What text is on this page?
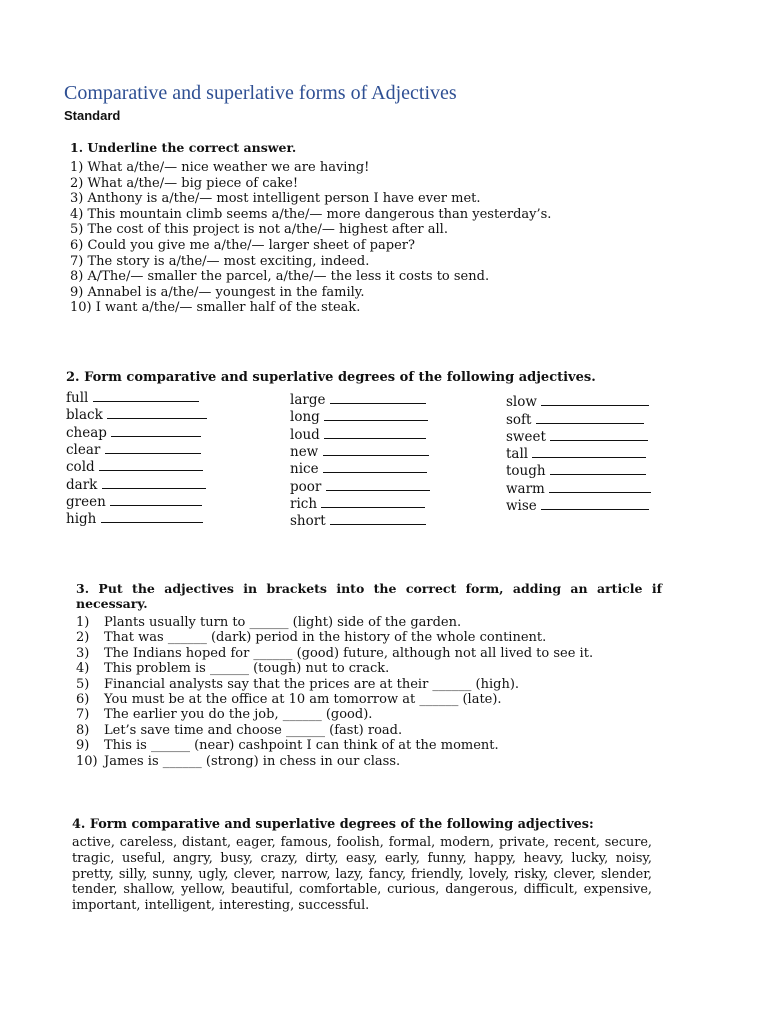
Comparative and superlative forms of Adjectives
Standard
1. Underline the correct answer.
1) What a/the/— nice weather we are having!
2) What a/the/— big piece of cake!
3) Anthony is a/the/— most intelligent person I have ever met.
4) This mountain climb seems a/the/— more dangerous than yesterday’s.
5) The cost of this project is not a/the/— highest after all.
6) Could you give me a/the/— larger sheet of paper?
7) The story is a/the/— most exciting, indeed.
8) A/The/— smaller the parcel, a/the/— the less it costs to send.
9) Annabel is a/the/— youngest in the family.
10) I want a/the/— smaller half of the steak.
2. Form comparative and superlative degrees of the following adjectives.
full
black
cheap
clear
cold
dark
green
high
large
long
loud
new
nice
poor
rich
short
slow
soft
sweet
tall
tough
warm
wise
3. Put the adjectives in brackets into the correct form, adding an article if
necessary.
1) Plants usually turn to ______ (light) side of the garden.
2) That was ______ (dark) period in the history of the whole continent.
3) The Indians hoped for ______ (good) future, although not all lived to see it.
4) This problem is ______ (tough) nut to crack.
5) Financial analysts say that the prices are at their ______ (high).
6) You must be at the office at 10 am tomorrow at ______ (late).
7) The earlier you do the job, ______ (good).
8) Let’s save time and choose ______ (fast) road.
9) This is ______ (near) cashpoint I can think of at the moment.
10) James is ______ (strong) in chess in our class.
4. Form comparative and superlative degrees of the following adjectives:
active, careless, distant, eager, famous, foolish, formal, modern, private, recent, secure, tragic, useful, angry, busy, crazy, dirty, easy, early, funny, happy, heavy, lucky, noisy, pretty, silly, sunny, ugly, clever, narrow, lazy, fancy, friendly, lovely, risky, clever, slender, tender, shallow, yellow, beautiful, comfortable, curious, dangerous, difficult, expensive, important, intelligent, interesting, successful.
